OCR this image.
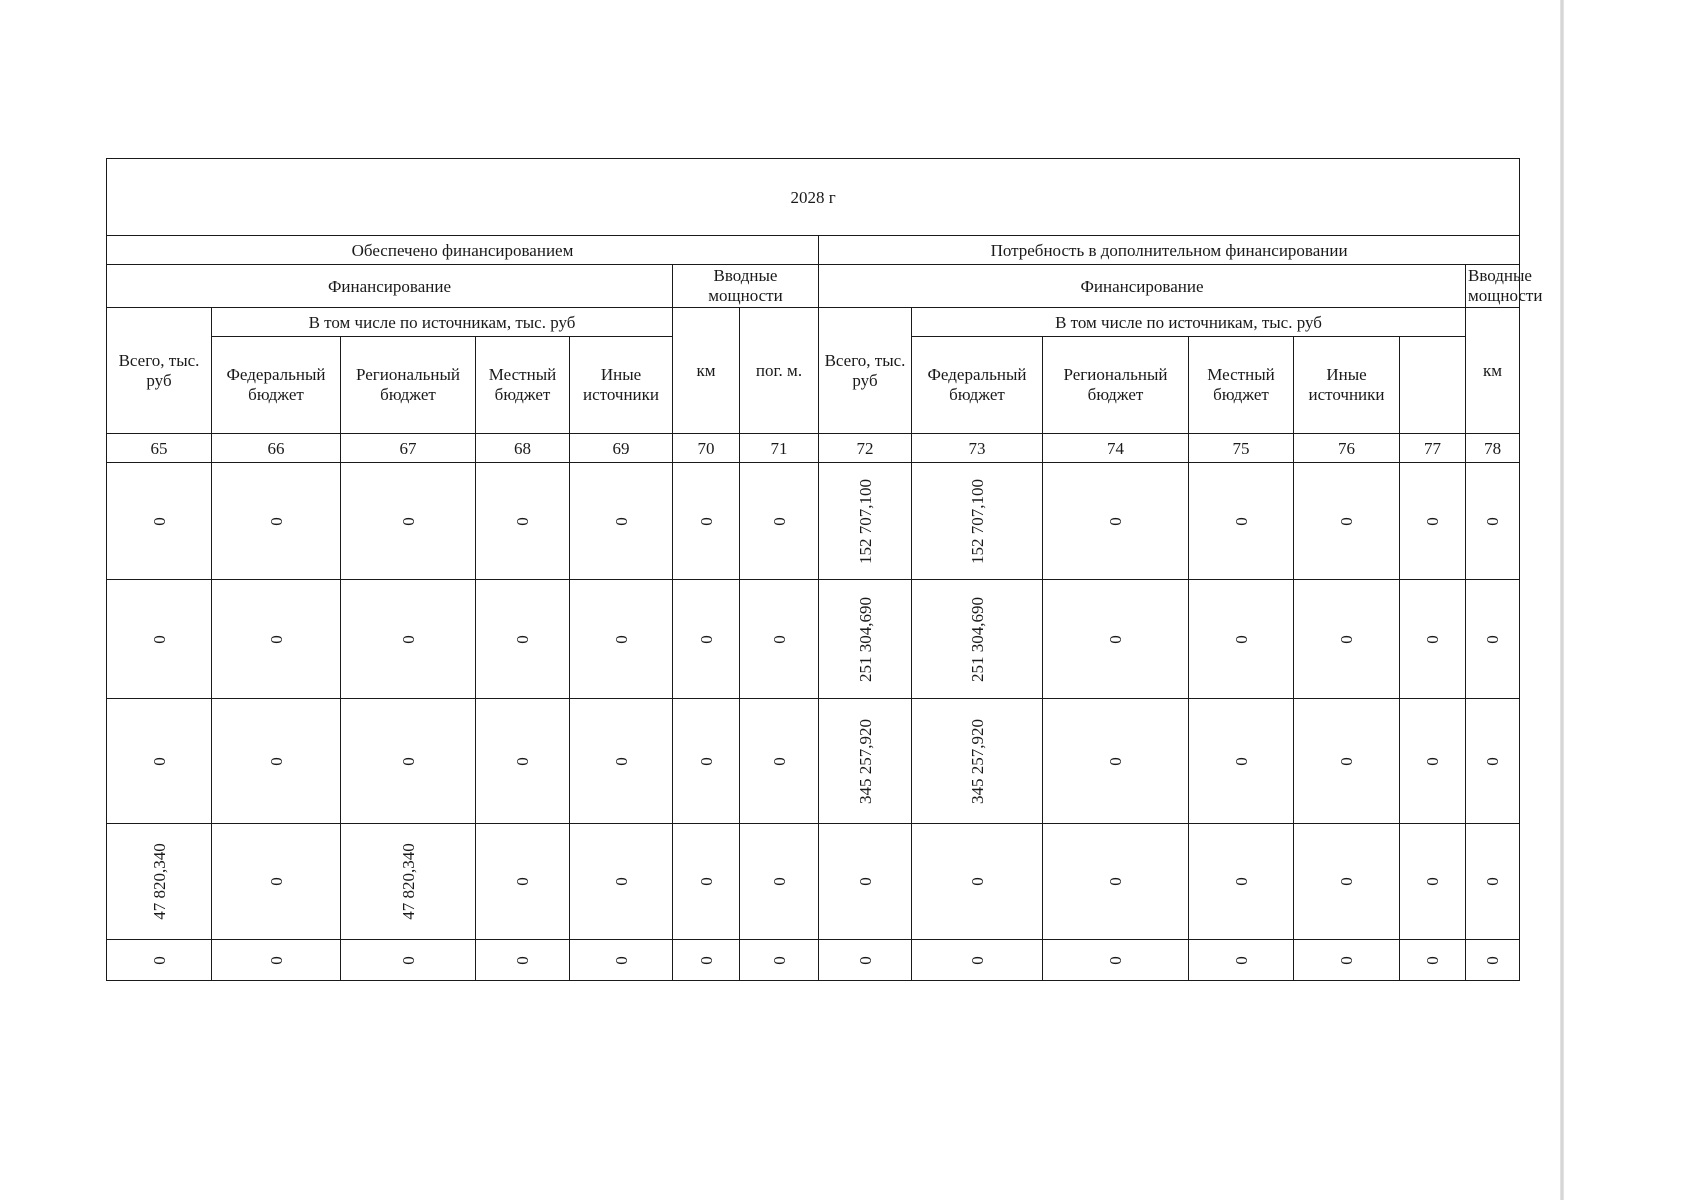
2028 г														
Обеспечено финансированием							Потребность в дополнительном финансировании							
Финансирование					Вводные мощности		Финансирование						Вводные мощности	
Всего, тыс. руб	В том числе по источникам, тыс. руб				км	пог. м.	Всего, тыс. руб	В том числе по источникам, тыс. руб					км	
	Федеральный бюджет	Региональный бюджет	Местный бюджет	Иные источники				Федеральный бюджет	Региональный бюджет	Местный бюджет	Иные источники			
65	66	67	68	69	70	71	72	73	74	75	76	77	78	
0	0	0	0	0	0	0	152 707,100	152 707,100	0	0	0	0	0	
0	0	0	0	0	0	0	251 304,690	251 304,690	0	0	0	0	0	
0	0	0	0	0	0	0	345 257,920	345 257,920	0	0	0	0	0	
47 820,340	0	47 820,340	0	0	0	0	0	0	0	0	0	0	0	
0	0	0	0	0	0	0	0	0	0	0	0	0	0	
